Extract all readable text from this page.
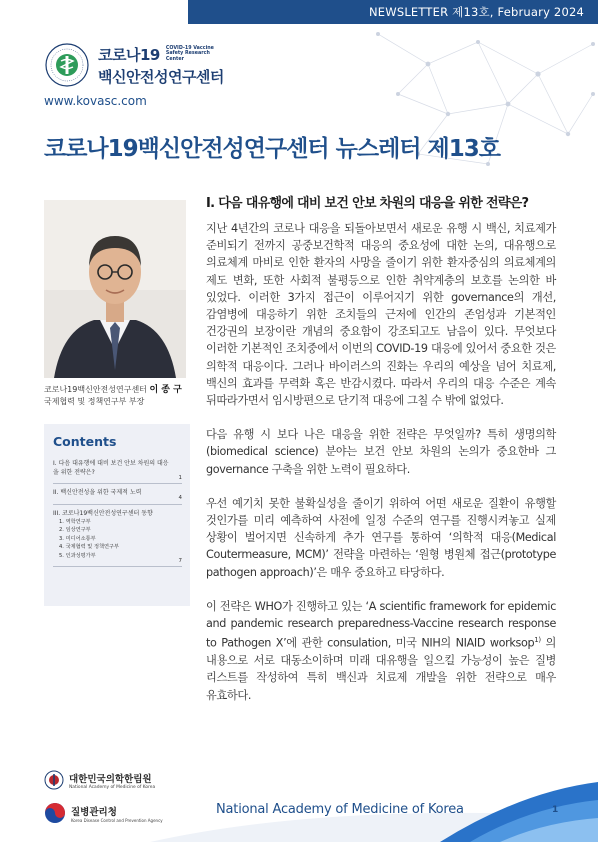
NEWSLETTER 제13호, February 2024
코로나19 COVID-19 Vaccine Safety Research Center
백신안전성연구센터
www.kovasc.com
코로나19백신안전성연구센터 뉴스레터 제13호
코로나19백신안전성연구센터 이 종 구
국제협력 및 정책연구부 부장
Contents
I. 다음 대유행에 대비 보건 안보 차원의 대응을 위한 전략은?
1
II. 백신안전성을 위한 국제적 노력
4
III. 코로나19백신안전성연구센터 동향
1. 역학연구부
2. 임상연구부
3. 미디어소통부
4. 국제협력 및 정책연구부
5. 인과성평가부
7
I. 다음 대유행에 대비 보건 안보 차원의 대응을 위한 전략은?

지난 4년간의 코로나 대응을 되돌아보면서 새로운 유행 시 백신, 치료제가 준비되기 전까지 공중보건학적 대응의 중요성에 대한 논의, 대유행으로 의료체계 마비로 인한 환자의 사망을 줄이기 위한 환자중심의 의료체계의 제도 변화, 또한 사회적 불평등으로 인한 취약계층의 보호를 논의한 바 있었다. 이러한 3가지 접근이 이루어지기 위한 governance의 개선, 감염병에 대응하기 위한 조치들의 근저에 인간의 존엄성과 기본적인 건강권의 보장이란 개념의 중요함이 강조되고도 남음이 있다. 무엇보다 이러한 기본적인 조치중에서 이번의 COVID-19 대응에 있어서 중요한 것은 의학적 대응이다. 그러나 바이러스의 진화는 우리의 예상을 넘어 치료제, 백신의 효과를 무력화 혹은 반감시켰다. 따라서 우리의 대응 수준은 계속 뒤따라가면서 임시방편으로 단기적 대응에 그칠 수 밖에 없었다.

다음 유행 시 보다 나은 대응을 위한 전략은 무엇일까? 특히 생명의학(biomedical science) 분야는 보건 안보 차원의 논의가 중요한바 그 governance 구축을 위한 노력이 필요하다.

우선 예기치 못한 불확실성을 줄이기 위하여 어떤 새로운 질환이 유행할 것인가를 미리 예측하여 사전에 일정 수준의 연구를 진행시켜놓고 실제 상황이 벌어지면 신속하게 추가 연구를 통하여 ‘의학적 대응(Medical Coutermeasure, MCM)’ 전략을 마련하는 ‘원형 병원체 접근(prototype pathogen approach)’은 매우 중요하고 타당하다.

이 전략은 WHO가 진행하고 있는 ‘A scientific framework for epidemic and pandemic research preparedness-Vaccine research response to Pathogen X’에 관한 consulation, 미국 NIH의 NIAID worksop$^{1)}$ 의 내용으로 서로 대동소이하며 미래 대유행을 일으킬 가능성이 높은 질병 리스트를 작성하여 특히 백신과 치료제 개발을 위한 전략으로 매우 유효하다.

대한민국의학한림원
National Academy of Medicine of Korea
질병관리청
Korea Disease Control and Prevention Agency
National Academy of Medicine of Korea	1
